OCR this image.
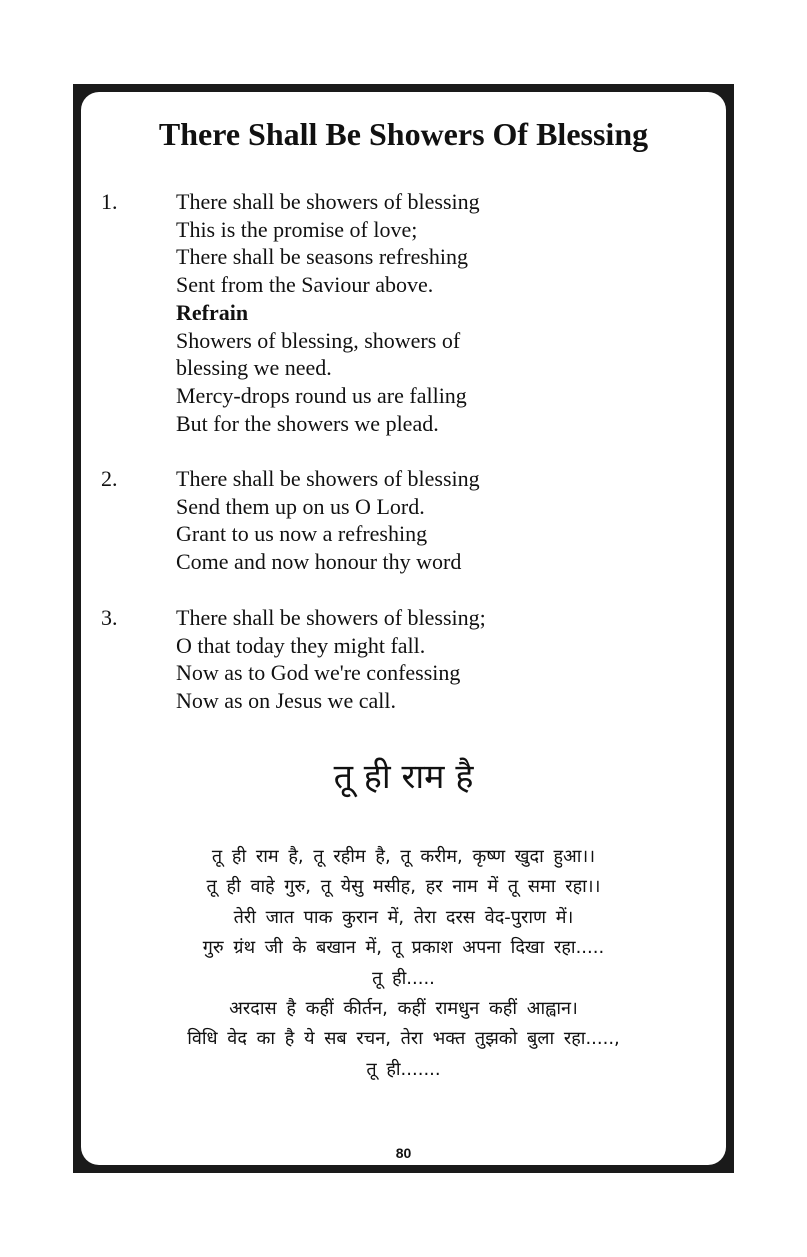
There Shall Be Showers Of Blessing
1.	There shall be showers of blessing
This is the promise of love;
There shall be seasons refreshing
Sent from the Saviour above.
Refrain
Showers of blessing, showers of
blessing we need.
Mercy-drops round us are falling
But for the showers we plead.
2.	There shall be showers of blessing
Send them up on us O Lord.
Grant to us now a refreshing
Come and now honour thy word
3.	There shall be showers of blessing;
O that today they might fall.
Now as to God we're confessing
Now as on Jesus we call.
तू ही राम है
तू ही राम है, तू रहीम है, तू करीम, कृष्ण खुदा हुआ।।
तू ही वाहे गुरु, तू येसु मसीह, हर नाम में तू समा रहा।।
तेरी जात पाक कुरान में, तेरा दरस वेद-पुराण में।
गुरु ग्रंथ जी के बखान में, तू प्रकाश अपना दिखा रहा.....
तू ही.....
अरदास है कहीं कीर्तन, कहीं रामधुन कहीं आह्वान।
विधि वेद का है ये सब रचन, तेरा भक्त तुझको बुला रहा.....,
तू ही.......
80
